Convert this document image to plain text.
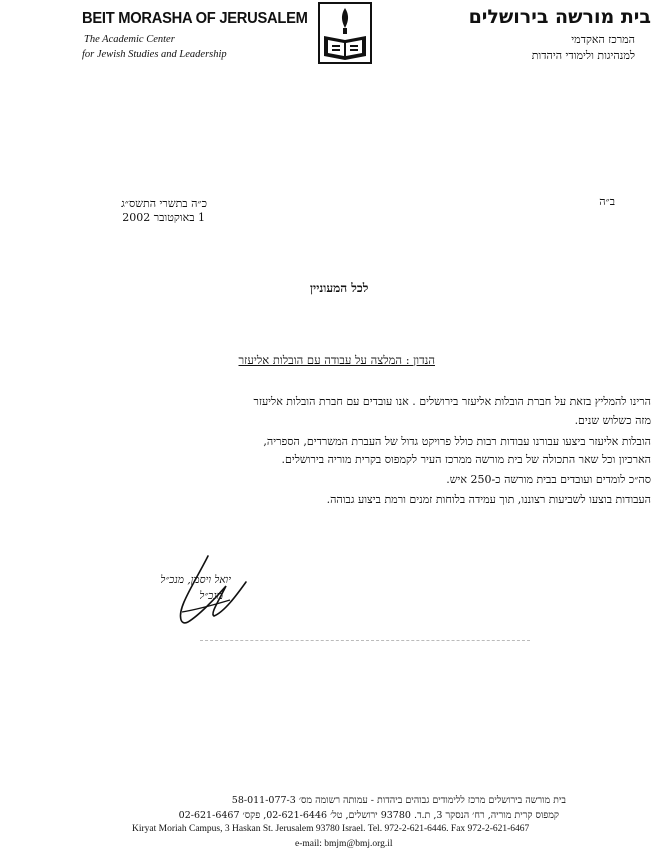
BEIT MORASHA OF JERUSALEM
The Academic Center
for Jewish Studies and Leadership
בית מורשה בירושלים
המרכז האקדמי
למנהיגות ולימודי היהדות
כ״ה בתשרי התשס״ג
1 באוקטובר 2002
ב״ה
לכל המעוניין
הנדון : המלצה על עבודה עם הובלות אליעזר
הרינו להמליץ בזאת על חברת הובלות אליעזר בירושלים . אנו עובדים עם חברת הובלות אליעזר
מזה כשלוש שנים.
הובלות אליעזר ביצעו עבורנו עבודות רבות כולל פרויקט גדול של העברת המשרדים, הספריה,
הארכיון וכל שאר התכולה של בית מורשה ממרכז העיר לקמפוס בקרית מוריה בירושלים.
סה״כ לומדים ועובדים בבית מורשה כ-250 איש.
העבודות בוצעו לשביעות רצוננו, תוך עמידה בלוחות זמנים ורמת ביצוע גבוהה.
יואל ויסמן, מנכ״ל
מנכ״ל
בית מורשה בירושלים מרכז ללימודים גבוהים ביהדות - עמותה רשומה מס׳ 58-011-077-3
קמפוס קרית מוריה, רח׳ הנסקר 3, ת.ד. 93780 ירושלים, טל׳ 02-621-6446, פקס׳ 02-621-6467
Kiryat Moriah Campus, 3 Haskan St. Jerusalem 93780 Israel. Tel. 972-2-621-6446. Fax 972-2-621-6467
e-mail: bmjm@bmj.org.il
